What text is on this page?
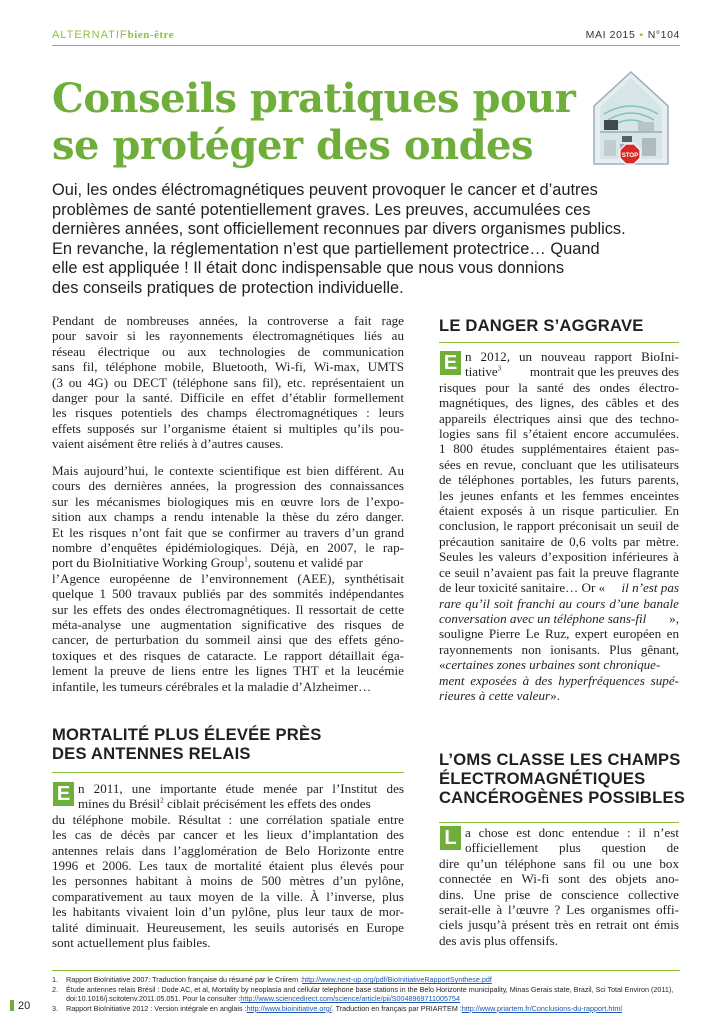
ALTERNATIFbien-être	MAI 2015 • N°104
Conseils pratiques pour
se protéger des ondes	STOP
Oui, les ondes éléctromagnétiques peuvent provoquer le cancer et d’autres
problèmes de santé potentiellement graves. Les preuves, accumulées ces
dernières années, sont officiellement reconnues par divers organismes publics.
En revanche, la réglementation n’est que partiellement protectrice… Quand
elle est appliquée ! Il était donc indispensable que nous vous donnions
des conseils pratiques de protection individuelle.
Pendant de nombreuses années, la controverse a fait rage
pour savoir si les rayonnements électromagnétiques liés au
réseau électrique ou aux technologies de communication
sans fil, téléphone mobile, Bluetooth, Wi-fi, Wi-max, UMTS
(3 ou 4G) ou DECT (téléphone sans fil), etc. représentaient un
danger pour la santé. Difficile en effet d’établir formellement
les risques potentiels des champs électromagnétiques : leurs
effets supposés sur l’organisme étaient si multiples qu’ils pou-
vaient aisément être reliés à d’autres causes.
Mais aujourd’hui, le contexte scientifique est bien différent. Au
cours des dernières années, la progression des connaissances
sur les mécanismes biologiques mis en œuvre lors de l’expo-
sition aux champs a rendu intenable la thèse du zéro danger.
Et les risques n’ont fait que se confirmer au travers d’un grand
nombre d’enquêtes épidémiologiques. Déjà, en 2007, le rap-
port du BioInitiative Working Group$^1$, soutenu et validé par
l’Agence européenne de l’environnement (AEE), synthétisait
quelque 1 500 travaux publiés par des sommités indépendantes
sur les effets des ondes électromagnétiques. Il ressortait de cette
méta-analyse une augmentation significative des risques de
cancer, de perturbation du sommeil ainsi que des effets géno-
toxiques et des risques de cataracte. Le rapport détaillait éga-
lement la preuve de liens entre les lignes THT et la leucémie
infantile, les tumeurs cérébrales et la maladie d’Alzheimer…
MORTALITÉ PLUS ÉLEVÉE PRÈS
DES ANTENNES RELAIS
E n 2011, une importante étude menée par l’Institut des
mines du Brésil$^2$ ciblait précisément les effets des ondes
du téléphone mobile. Résultat : une corrélation spatiale entre
les cas de décès par cancer et les lieux d’implantation des
antennes relais dans l’agglomération de Belo Horizonte entre
1996 et 2006. Les taux de mortalité étaient plus élevés pour
les personnes habitant à moins de 500 mètres d’un pylône,
comparativement au taux moyen de la ville. À l’inverse, plus
les habitants vivaient loin d’un pylône, plus leur taux de mor-
talité diminuait. Heureusement, les seuils autorisés en Europe
sont actuellement plus faibles.
LE DANGER S’AGGRAVE
E n 2012, un nouveau rapport BioIni-
tiative$^3$ montrait que les preuves des
risques pour la santé des ondes électro-
magnétiques, des lignes, des câbles et des
appareils électriques ainsi que des techno-
logies sans fil s’étaient encore accumulées.
1 800 études supplémentaires étaient pas-
sées en revue, concluant que les utilisateurs
de téléphones portables, les futurs parents,
les jeunes enfants et les femmes enceintes
étaient exposés à un risque particulier. En
conclusion, le rapport préconisait un seuil de
précaution sanitaire de 0,6 volts par mètre.
Seules les valeurs d’exposition inférieures à
ce seuil n’avaient pas fait la preuve flagrante
de leur toxicité sanitaire… Or « il n’est pas
rare qu’il soit franchi au cours d’une banale
conversation avec un téléphone sans-fil »,
souligne Pierre Le Ruz, expert européen en
rayonnements non ionisants. Plus gênant,
«certaines zones urbaines sont chronique-
ment exposées à des hyperfréquences supé-
rieures à cette valeur».
L’OMS CLASSE LES CHAMPS
ÉLECTROMAGNÉTIQUES
CANCÉROGÈNES POSSIBLES
L a chose est donc entendue : il n’est
officiellement plus question de
dire qu’un téléphone sans fil ou une box
connectée en Wi-fi sont des objets ano-
dins. Une prise de conscience collective
serait-elle à l’œuvre ? Les organismes offi-
ciels jusqu’à présent très en retrait ont émis
des avis plus offensifs.
1.	Rapport BioInitiative 2007: Traduction française du résumé par le Criirem : http://www.next-up.org/pdf/BioInitiativeRapportSynthese.pdf
2.	Étude antennes relais Brésil : Dode AC, et al, Mortality by neoplasia and cellular telephone base stations in the Belo Horizonte municipality, Minas Gerais state, Brazil, Sci Total Environ (2011),
doi:10.1016/j.scitotenv.2011.05.051. Pour la consulter : http://www.sciencedirect.com/science/article/pii/S0048969711005754
3.	Rapport BioInitiative 2012 : Version intégrale en anglais : http://www.bioinitiative.org/ . Traduction en français par PRIARTEM : http://www.priartem.fr/Conclusions-du-rapport.html
20
